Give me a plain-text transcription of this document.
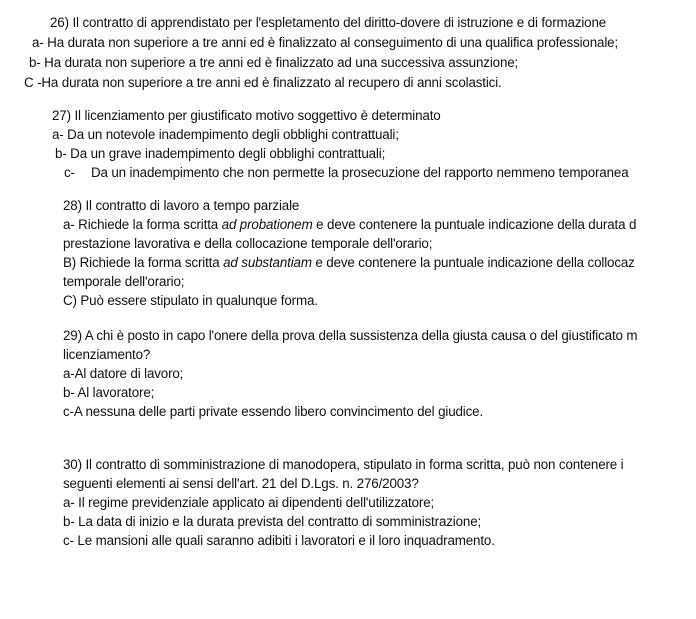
26) Il contratto di apprendistato per l'espletamento del diritto-dovere di istruzione e di formazione
a- Ha durata non superiore a tre anni ed è finalizzato al conseguimento di una qualifica professionale;
b- Ha durata non superiore a tre anni ed è finalizzato ad una successiva assunzione;
C -Ha durata non superiore a tre anni ed è finalizzato al recupero di anni scolastici.
27) Il licenziamento per giustificato motivo soggettivo è determinato
a- Da un notevole inadempimento degli obblighi contrattuali;
b- Da un grave inadempimento degli obblighi contrattuali;
c- Da un inadempimento che non permette la prosecuzione del rapporto nemmeno temporanea
28) Il contratto di lavoro a tempo parziale
a- Richiede la forma scritta ad probationem e deve contenere la puntuale indicazione della durata d
prestazione lavorativa e della collocazione temporale dell'orario;
B) Richiede la forma scritta ad substantiam e deve contenere la puntuale indicazione della collocaz
temporale dell'orario;
C) Può essere stipulato in qualunque forma.
29) A chi è posto in capo l'onere della prova della sussistenza della giusta causa o del giustificato m
licenziamento?
a-Al datore di lavoro;
b- Al lavoratore;
c-A nessuna delle parti private essendo libero convincimento del giudice.
30) Il contratto di somministrazione di manodopera, stipulato in forma scritta, può non contenere i
seguenti elementi ai sensi dell'art. 21 del D.Lgs. n. 276/2003?
a- Il regime previdenziale applicato ai dipendenti dell'utilizzatore;
b- La data di inizio e la durata prevista del contratto di somministrazione;
c- Le mansioni alle quali saranno adibiti i lavoratori e il loro inquadramento.
